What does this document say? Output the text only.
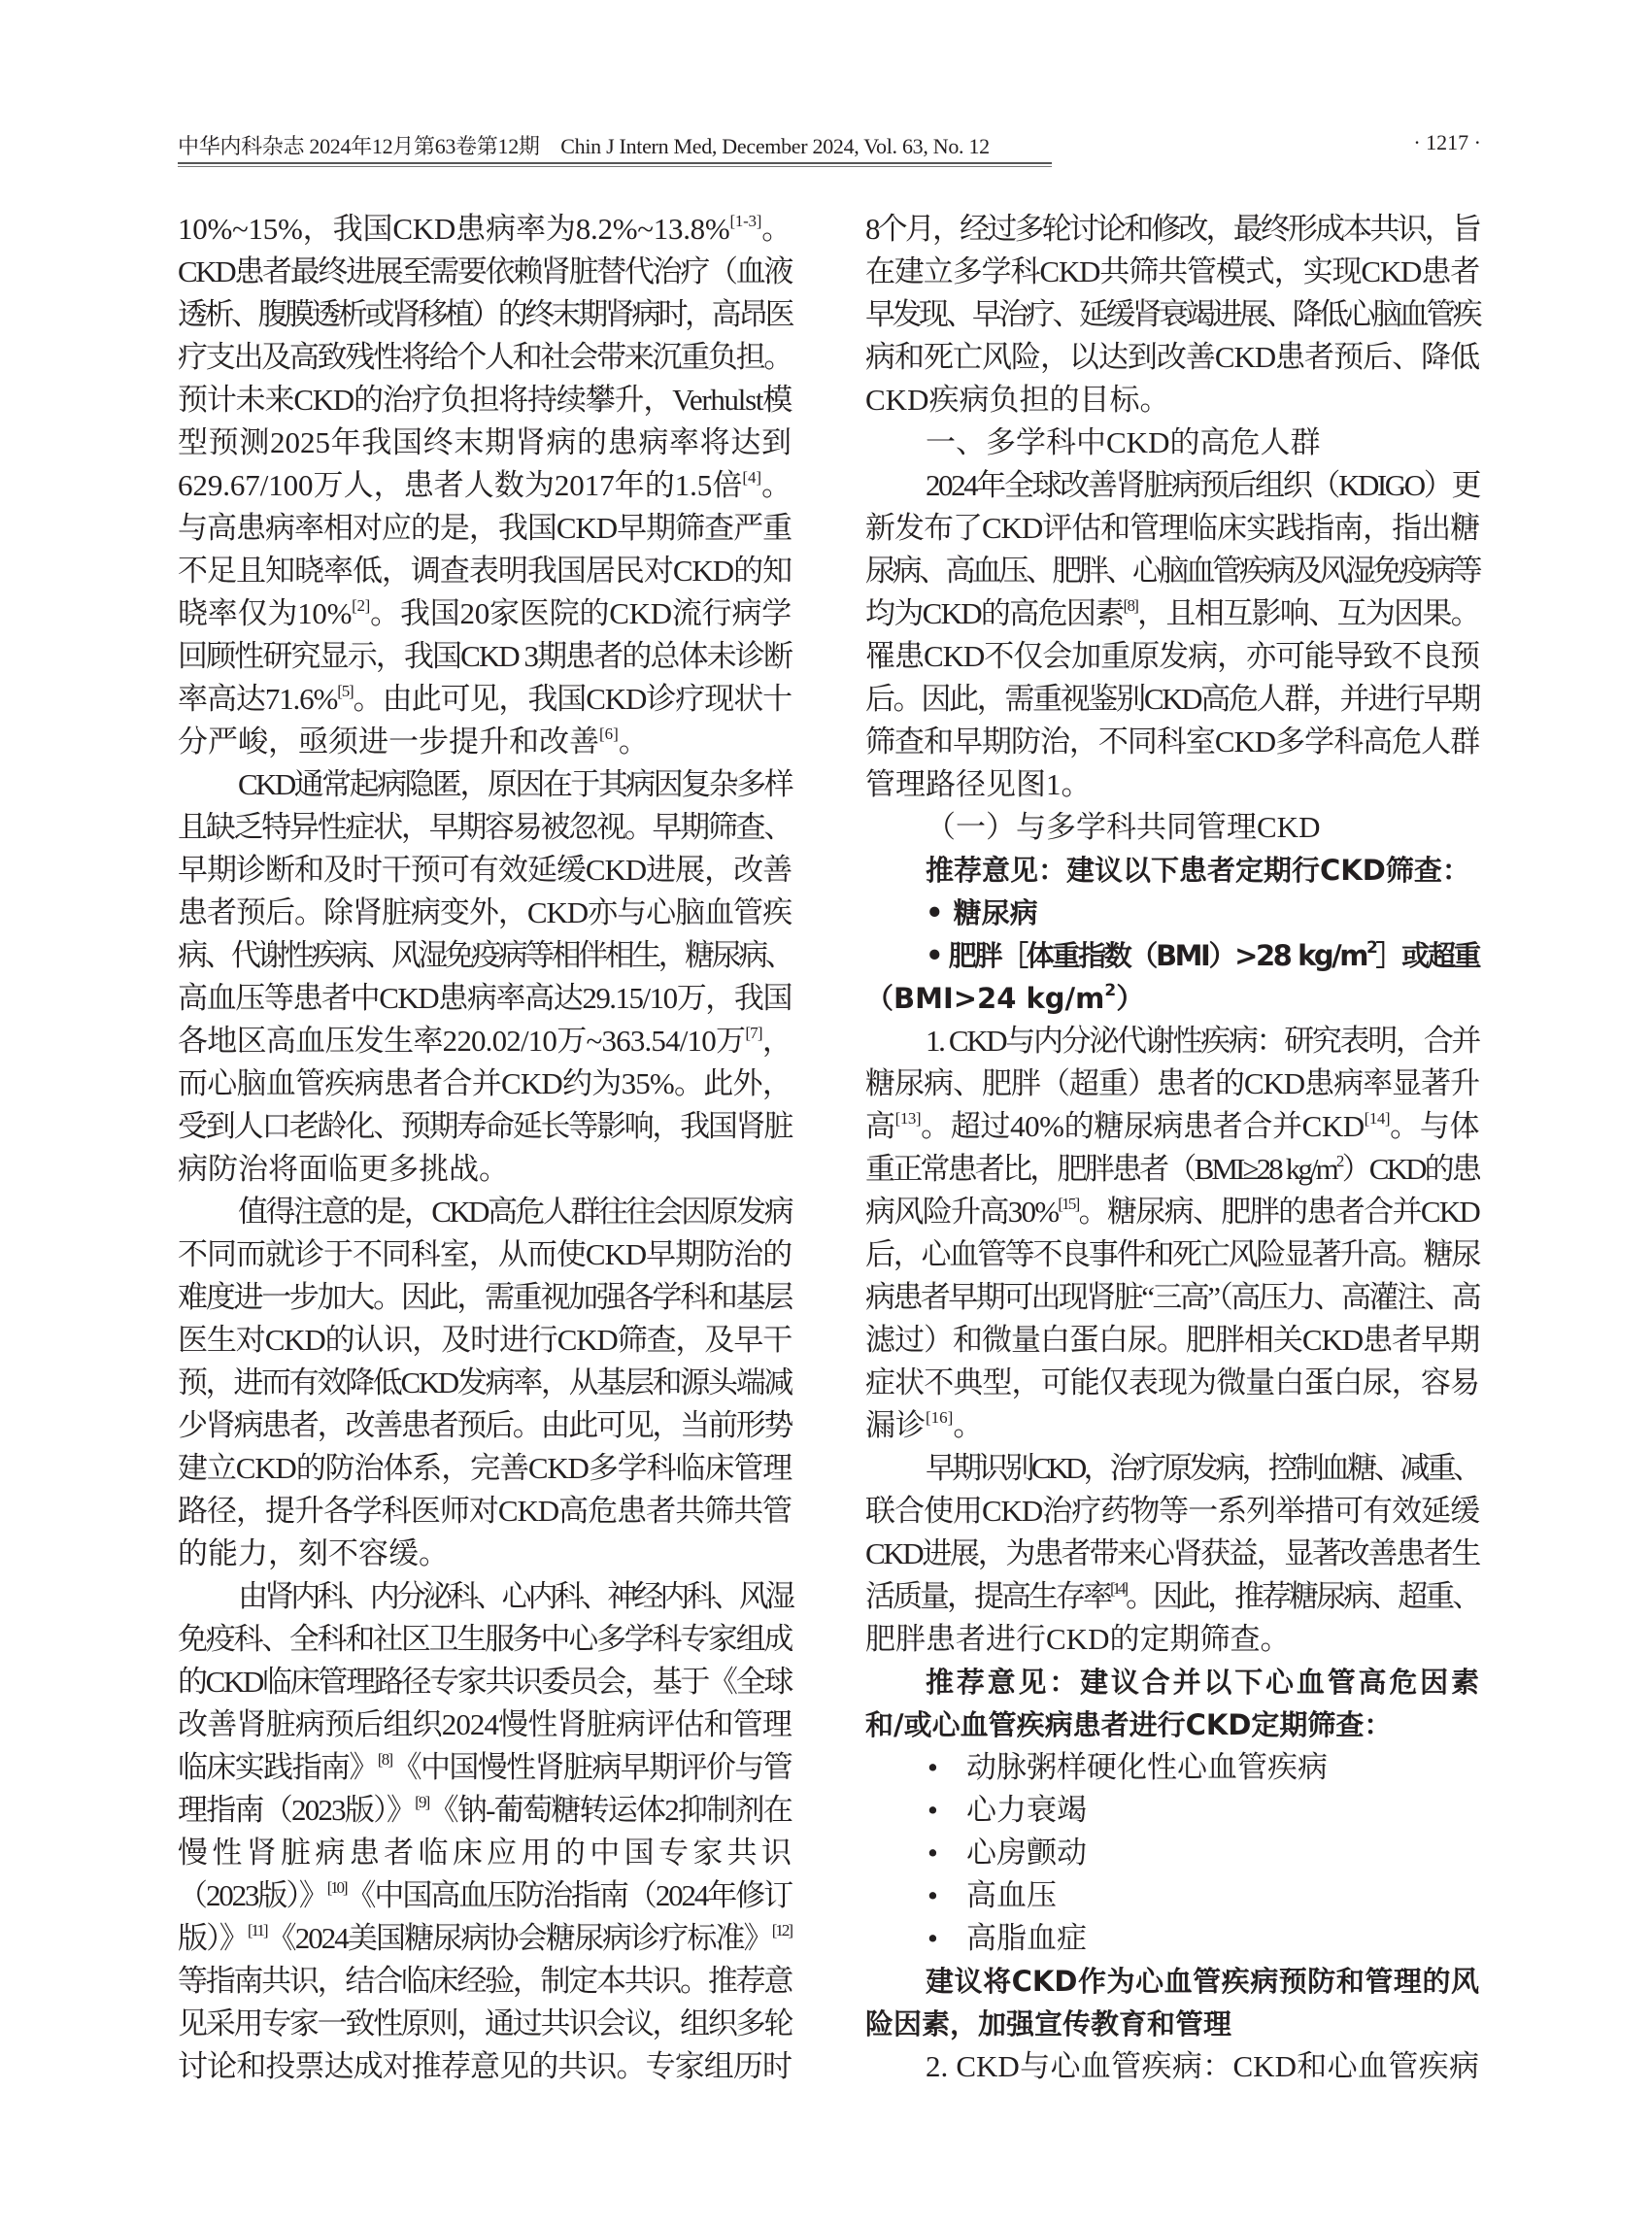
中华内科杂志 2024年12月第63卷第12期　Chin J Intern Med, December 2024, Vol. 63, No. 12	· 1217 ·
10%~15%，我国CKD患病率为8.2%~13.8%[1-3]。
CKD患者最终进展至需要依赖肾脏替代治疗（血液
透析、腹膜透析或肾移植）的终末期肾病时，高昂医
疗支出及高致残性将给个人和社会带来沉重负担。
预计未来CKD的治疗负担将持续攀升，Verhulst模
型预测2025年我国终末期肾病的患病率将达到
629.67/100万人，患者人数为2017年的1.5倍[4]。
与高患病率相对应的是，我国CKD早期筛查严重
不足且知晓率低，调查表明我国居民对CKD的知
晓率仅为10%[2]。我国20家医院的CKD流行病学
回顾性研究显示，我国CKD 3期患者的总体未诊断
率高达71.6%[5]。由此可见，我国CKD诊疗现状十
分严峻，亟须进一步提升和改善[6]。
CKD通常起病隐匿，原因在于其病因复杂多样
且缺乏特异性症状，早期容易被忽视。早期筛查、
早期诊断和及时干预可有效延缓CKD进展，改善
患者预后。除肾脏病变外，CKD亦与心脑血管疾
病、代谢性疾病、风湿免疫病等相伴相生，糖尿病、
高血压等患者中CKD患病率高达29.15/10万，我国
各地区高血压发生率220.02/10万~363.54/10万[7]，
而心脑血管疾病患者合并CKD约为35%。此外，
受到人口老龄化、预期寿命延长等影响，我国肾脏
病防治将面临更多挑战。
值得注意的是，CKD高危人群往往会因原发病
不同而就诊于不同科室，从而使CKD早期防治的
难度进一步加大。因此，需重视加强各学科和基层
医生对CKD的认识，及时进行CKD筛查，及早干
预，进而有效降低CKD发病率，从基层和源头端减
少肾病患者，改善患者预后。由此可见，当前形势
建立CKD的防治体系，完善CKD多学科临床管理
路径，提升各学科医师对CKD高危患者共筛共管
的能力，刻不容缓。
由肾内科、内分泌科、心内科、神经内科、风湿
免疫科、全科和社区卫生服务中心多学科专家组成
的CKD临床管理路径专家共识委员会，基于《全球
改善肾脏病预后组织2024慢性肾脏病评估和管理
临床实践指南》[8]《中国慢性肾脏病早期评价与管
理指南（2023版）》[9]《钠-葡萄糖转运体2抑制剂在
慢性肾脏病患者临床应用的中国专家共识
（2023版）》[10]《中国高血压防治指南（2024年修订
版）》[11]《2024美国糖尿病协会糖尿病诊疗标准》[12]
等指南共识，结合临床经验，制定本共识。推荐意
见采用专家一致性原则，通过共识会议，组织多轮
讨论和投票达成对推荐意见的共识。专家组历时
8个月，经过多轮讨论和修改，最终形成本共识，旨
在建立多学科CKD共筛共管模式，实现CKD患者
早发现、早治疗、延缓肾衰竭进展、降低心脑血管疾
病和死亡风险，以达到改善CKD患者预后、降低
CKD疾病负担的目标。
一、多学科中CKD的高危人群
2024年全球改善肾脏病预后组织（KDIGO）更
新发布了CKD评估和管理临床实践指南，指出糖
尿病、高血压、肥胖、心脑血管疾病及风湿免疫病等
均为CKD的高危因素[8]，且相互影响、互为因果。
罹患CKD不仅会加重原发病，亦可能导致不良预
后。因此，需重视鉴别CKD高危人群，并进行早期
筛查和早期防治，不同科室CKD多学科高危人群
管理路径见图1。
（一）与多学科共同管理CKD
推荐意见：建议以下患者定期行CKD筛查：
• 糖尿病
• 肥胖［体重指数（BMI）>28 $kg/m^2]$或超重
（BMI>24 $kg/m^2$）
1. CKD与内分泌代谢性疾病：研究表明，合并
糖尿病、肥胖（超重）患者的CKD患病率显著升
高[13]。超过40%的糖尿病患者合并CKD[14]。与体
重正常患者比，肥胖患者（BMI≥28 $kg/m^2)CKD$的患
病风险升高30%[15]。糖尿病、肥胖的患者合并CKD
后，心血管等不良事件和死亡风险显著升高。糖尿
病患者早期可出现肾脏“三高”（高压力、高灌注、高
滤过）和微量白蛋白尿。肥胖相关CKD患者早期
症状不典型，可能仅表现为微量白蛋白尿，容易
漏诊[16]。
早期识别CKD，治疗原发病，控制血糖、减重、
联合使用CKD治疗药物等一系列举措可有效延缓
CKD进展，为患者带来心肾获益，显著改善患者生
活质量，提高生存率[14]。因此，推荐糖尿病、超重、
肥胖患者进行CKD的定期筛查。
推荐意见：建议合并以下心血管高危因素
和/或心血管疾病患者进行CKD定期筛查：
• 动脉粥样硬化性心血管疾病
• 心力衰竭
• 心房颤动
• 高血压
• 高脂血症
建议将CKD作为心血管疾病预防和管理的风
险因素，加强宣传教育和管理
2. CKD与心血管疾病：CKD和心血管疾病
